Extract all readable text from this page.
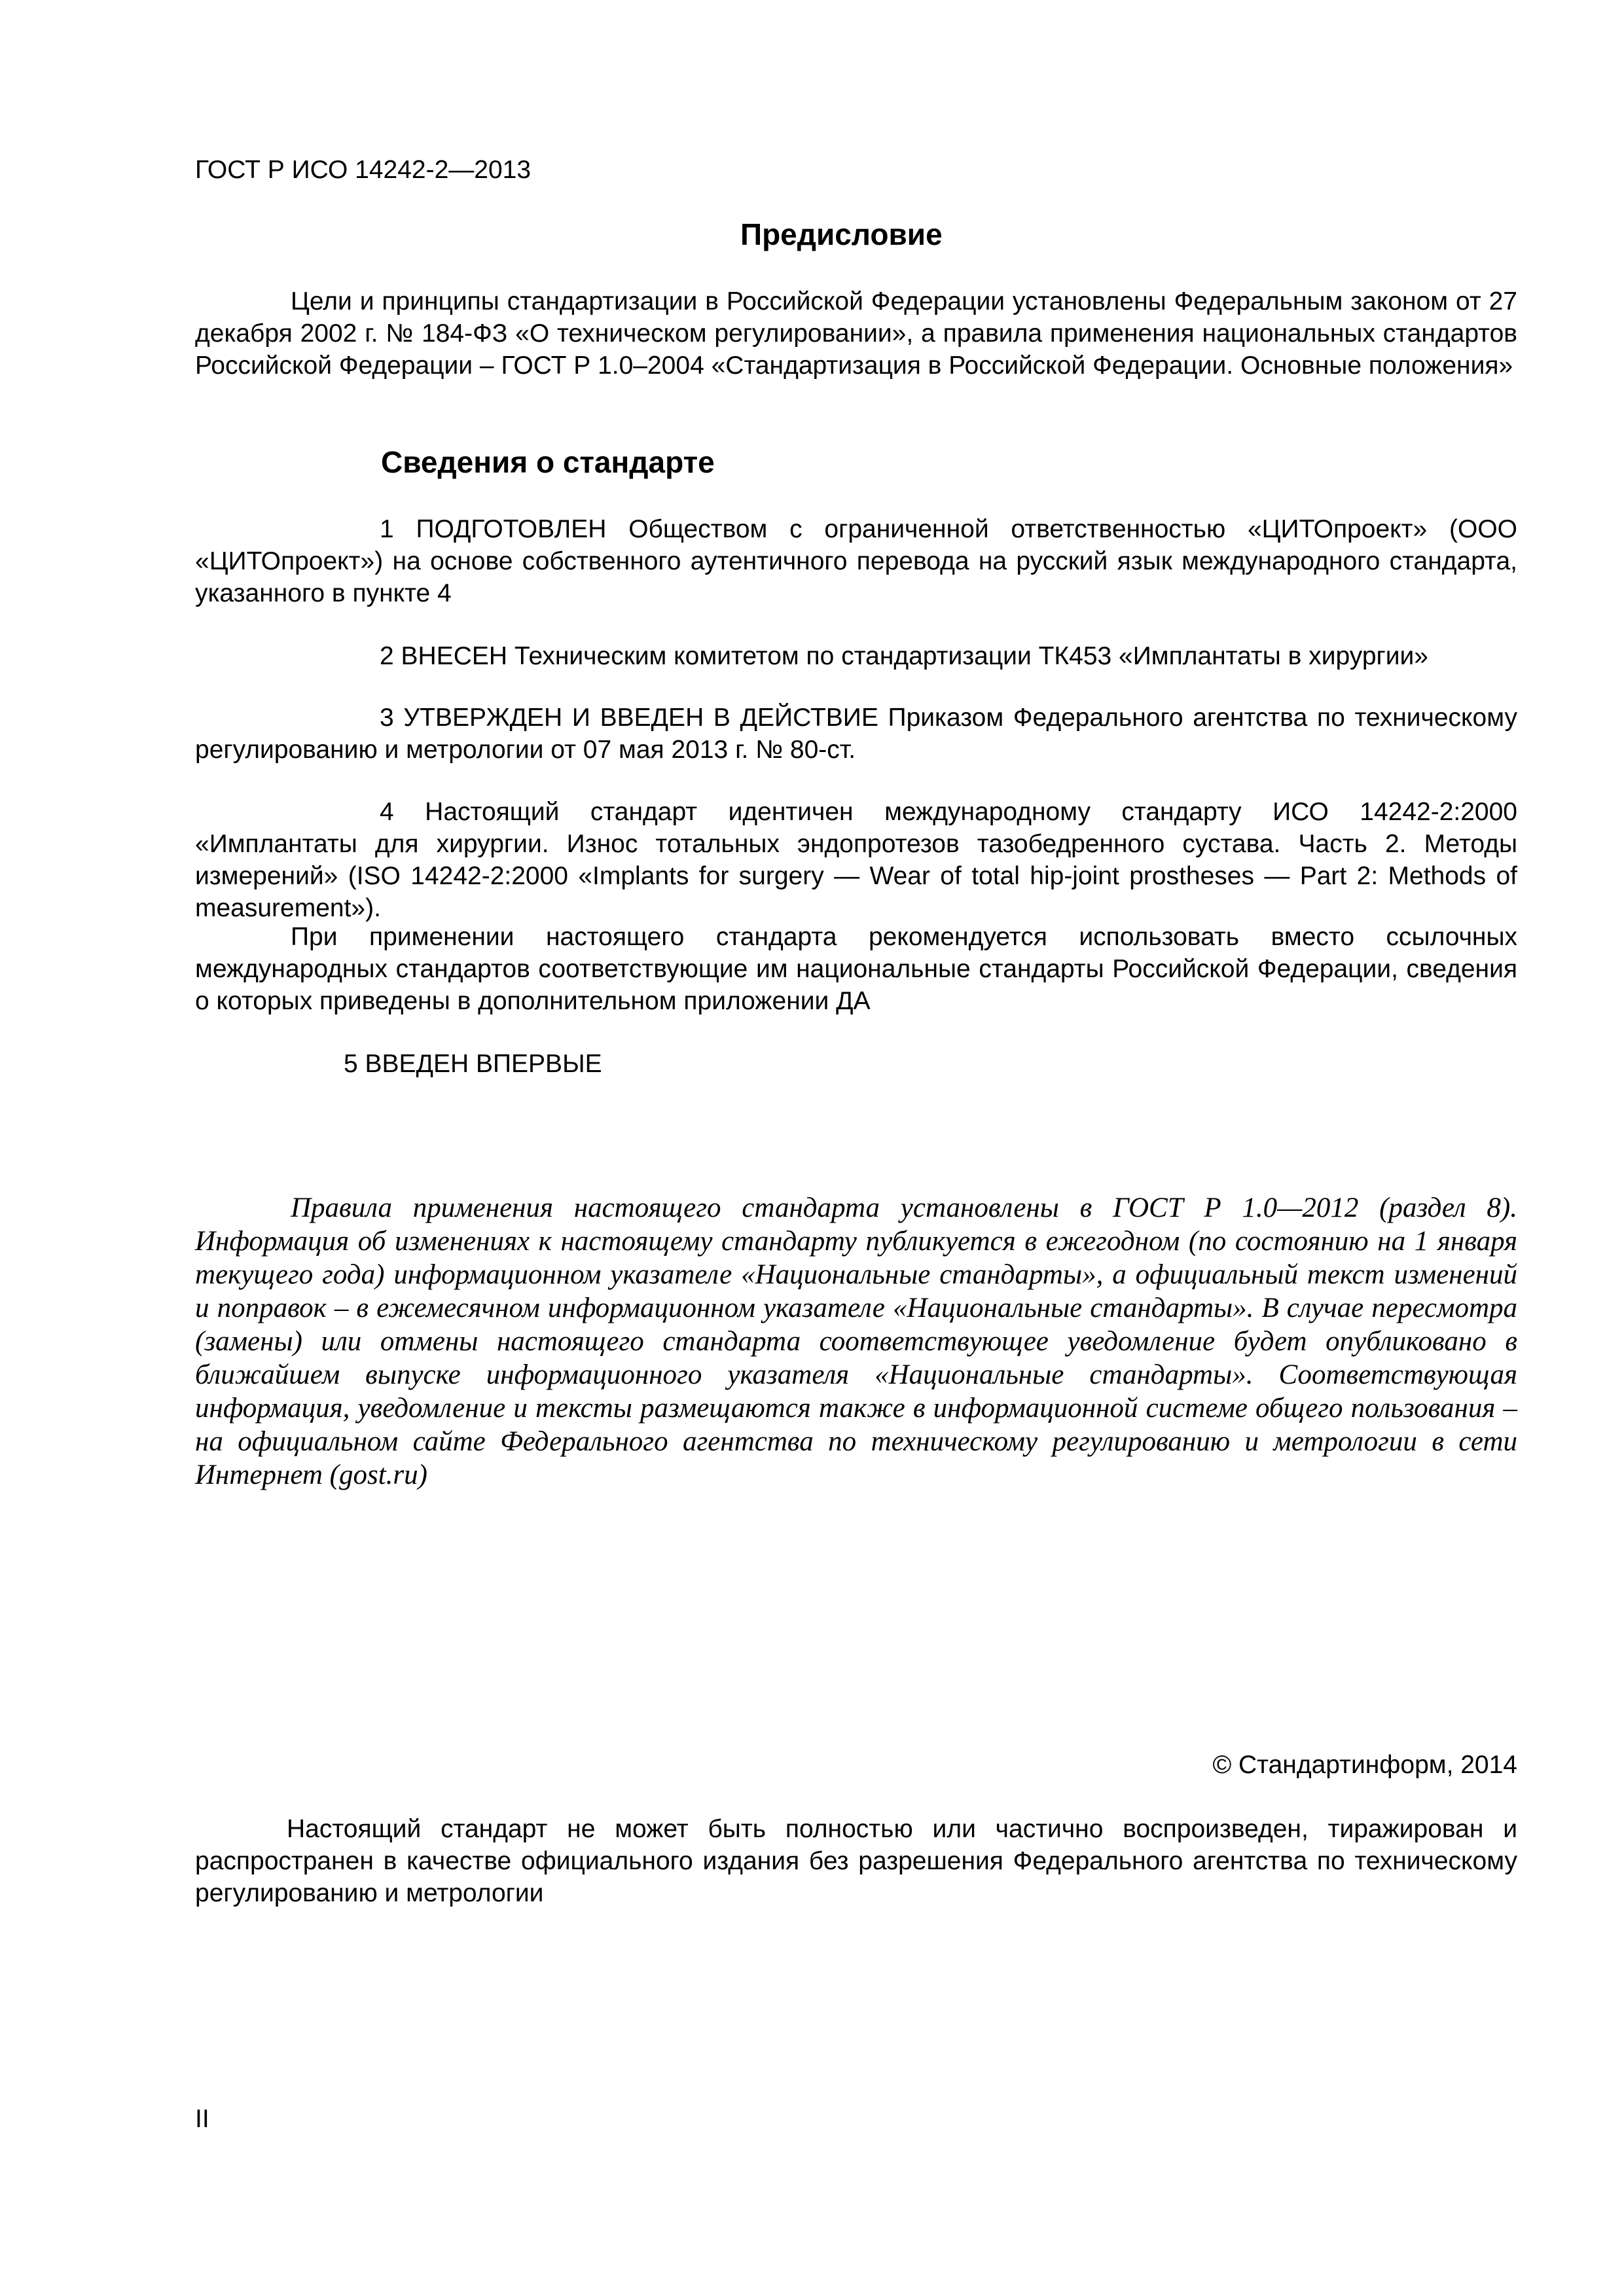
ГОСТ Р ИСО 14242-2—2013
Предисловие
Цели и принципы стандартизации в Российской Федерации установлены Федеральным законом от 27 декабря 2002 г. № 184-ФЗ «О техническом регулировании», а правила применения национальных стандартов Российской Федерации – ГОСТ Р 1.0–2004 «Стандартизация в Российской Федерации. Основные положения»
Сведения о стандарте
1 ПОДГОТОВЛЕН Обществом с ограниченной ответственностью «ЦИТОпроект» (ООО «ЦИТОпроект») на основе собственного аутентичного перевода на русский язык международного стандарта, указанного в пункте 4
2 ВНЕСЕН Техническим комитетом по стандартизации ТК453 «Имплантаты в хирургии»
3 УТВЕРЖДЕН И ВВЕДЕН В ДЕЙСТВИЕ Приказом Федерального агентства по техническому регулированию и метрологии от 07 мая 2013 г. № 80-ст.
4 Настоящий стандарт идентичен международному стандарту ИСО 14242-2:2000 «Имплантаты для хирургии. Износ тотальных эндопротезов тазобедренного сустава. Часть 2. Методы измерений» (ISO 14242-2:2000 «Implants for surgery — Wear of total hip-joint prostheses — Part 2: Methods of measurement»).
При применении настоящего стандарта рекомендуется использовать вместо ссылочных международных стандартов соответствующие им национальные стандарты Российской Федерации, сведения о которых приведены в дополнительном приложении ДА
5 ВВЕДЕН ВПЕРВЫЕ
Правила применения настоящего стандарта установлены в ГОСТ Р 1.0—2012 (раздел 8). Информация об изменениях к настоящему стандарту публикуется в ежегодном (по состоянию на 1 января текущего года) информационном указателе «Национальные стандарты», а официальный текст изменений и поправок – в ежемесячном информационном указателе «Национальные стандарты». В случае пересмотра (замены) или отмены настоящего стандарта соответствующее уведомление будет опубликовано в ближайшем выпуске информационного указателя «Национальные стандарты». Соответствующая информация, уведомление и тексты размещаются также в информационной системе общего пользования – на официальном сайте Федерального агентства по техническому регулированию и метрологии в сети Интернет (gost.ru)
© Стандартинформ, 2014
Настоящий стандарт не может быть полностью или частично воспроизведен, тиражирован и распространен в качестве официального издания без разрешения Федерального агентства по техническому регулированию и метрологии
II
